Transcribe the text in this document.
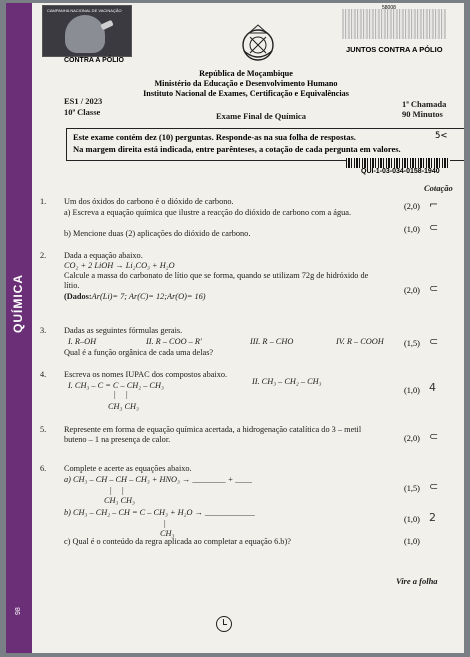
QUÍMICA
98
CAMPANHA NACIONAL DE VACINAÇÃO
CONTRA A PÓLIO
58008
JUNTOS CONTRA A PÓLIO
República de Moçambique
Ministério da Educação e Desenvolvimento Humano
Instituto Nacional de Exames, Certificação e Equivalências
ES1 / 2023
10ª Classe	Exame Final de Química
1ª Chamada
90 Minutos
Este exame contém dez (10) perguntas. Responde-as na sua folha de respostas.
Na margem direita está indicada, entre parênteses, a cotação de cada pergunta em valores.
5<
QUI-1-03-034-0158-1940
Cotação
1. Um dos óxidos do carbono é o dióxido de carbono.
a) Escreva a equação química que ilustre a reacção do dióxido de carbono com a água.
(2,0) ⌐
b) Mencione duas (2) aplicações do dióxido de carbono.	(1,0) ⊂
2. Dada a equação abaixo.
CO₂ + 2 LiOH → Li₂CO₃ + H₂O
Calcule a massa do carbonato de lítio que se forma, quando se utilizam 72g de hidróxido de
lítio.
(Dados:Ar(Li)= 7; Ar(C)= 12;Ar(O)= 16)
(2,0) ⊂
3. Dadas as seguintes fórmulas gerais.
I. R–OH	II. R – COO – R'	III. R – CHO	IV. R – COOH
Qual é a função orgânica de cada uma delas?
(1,5) ⊂
4. Escreva os nomes IUPAC dos compostos abaixo.
I. CH₃ – C = C – CH₂ – CH₃
|     |
CH₃ CH₃
II. CH₃ – CH₂ – CH₃
(1,0) 4
5. Represente em forma de equação química acertada, a hidrogenação catalítica do 3 – metil
buteno – 1 na presença de calor.	(2,0) ⊂
6. Complete e acerte as equações abaixo.
a) CH₃ – CH – CH – CH₃ + HNO₃ → ________ + ____
|     |
CH₃ CH₃
(1,5) ⊂
b) CH₃ – CH₂ – CH = C – CH₃ + H₂O → ____________
|
CH₃
(1,0) 2
c) Qual é o conteúdo da regra aplicada ao completar a equação 6.b)?	(1,0)
Vire a folha
